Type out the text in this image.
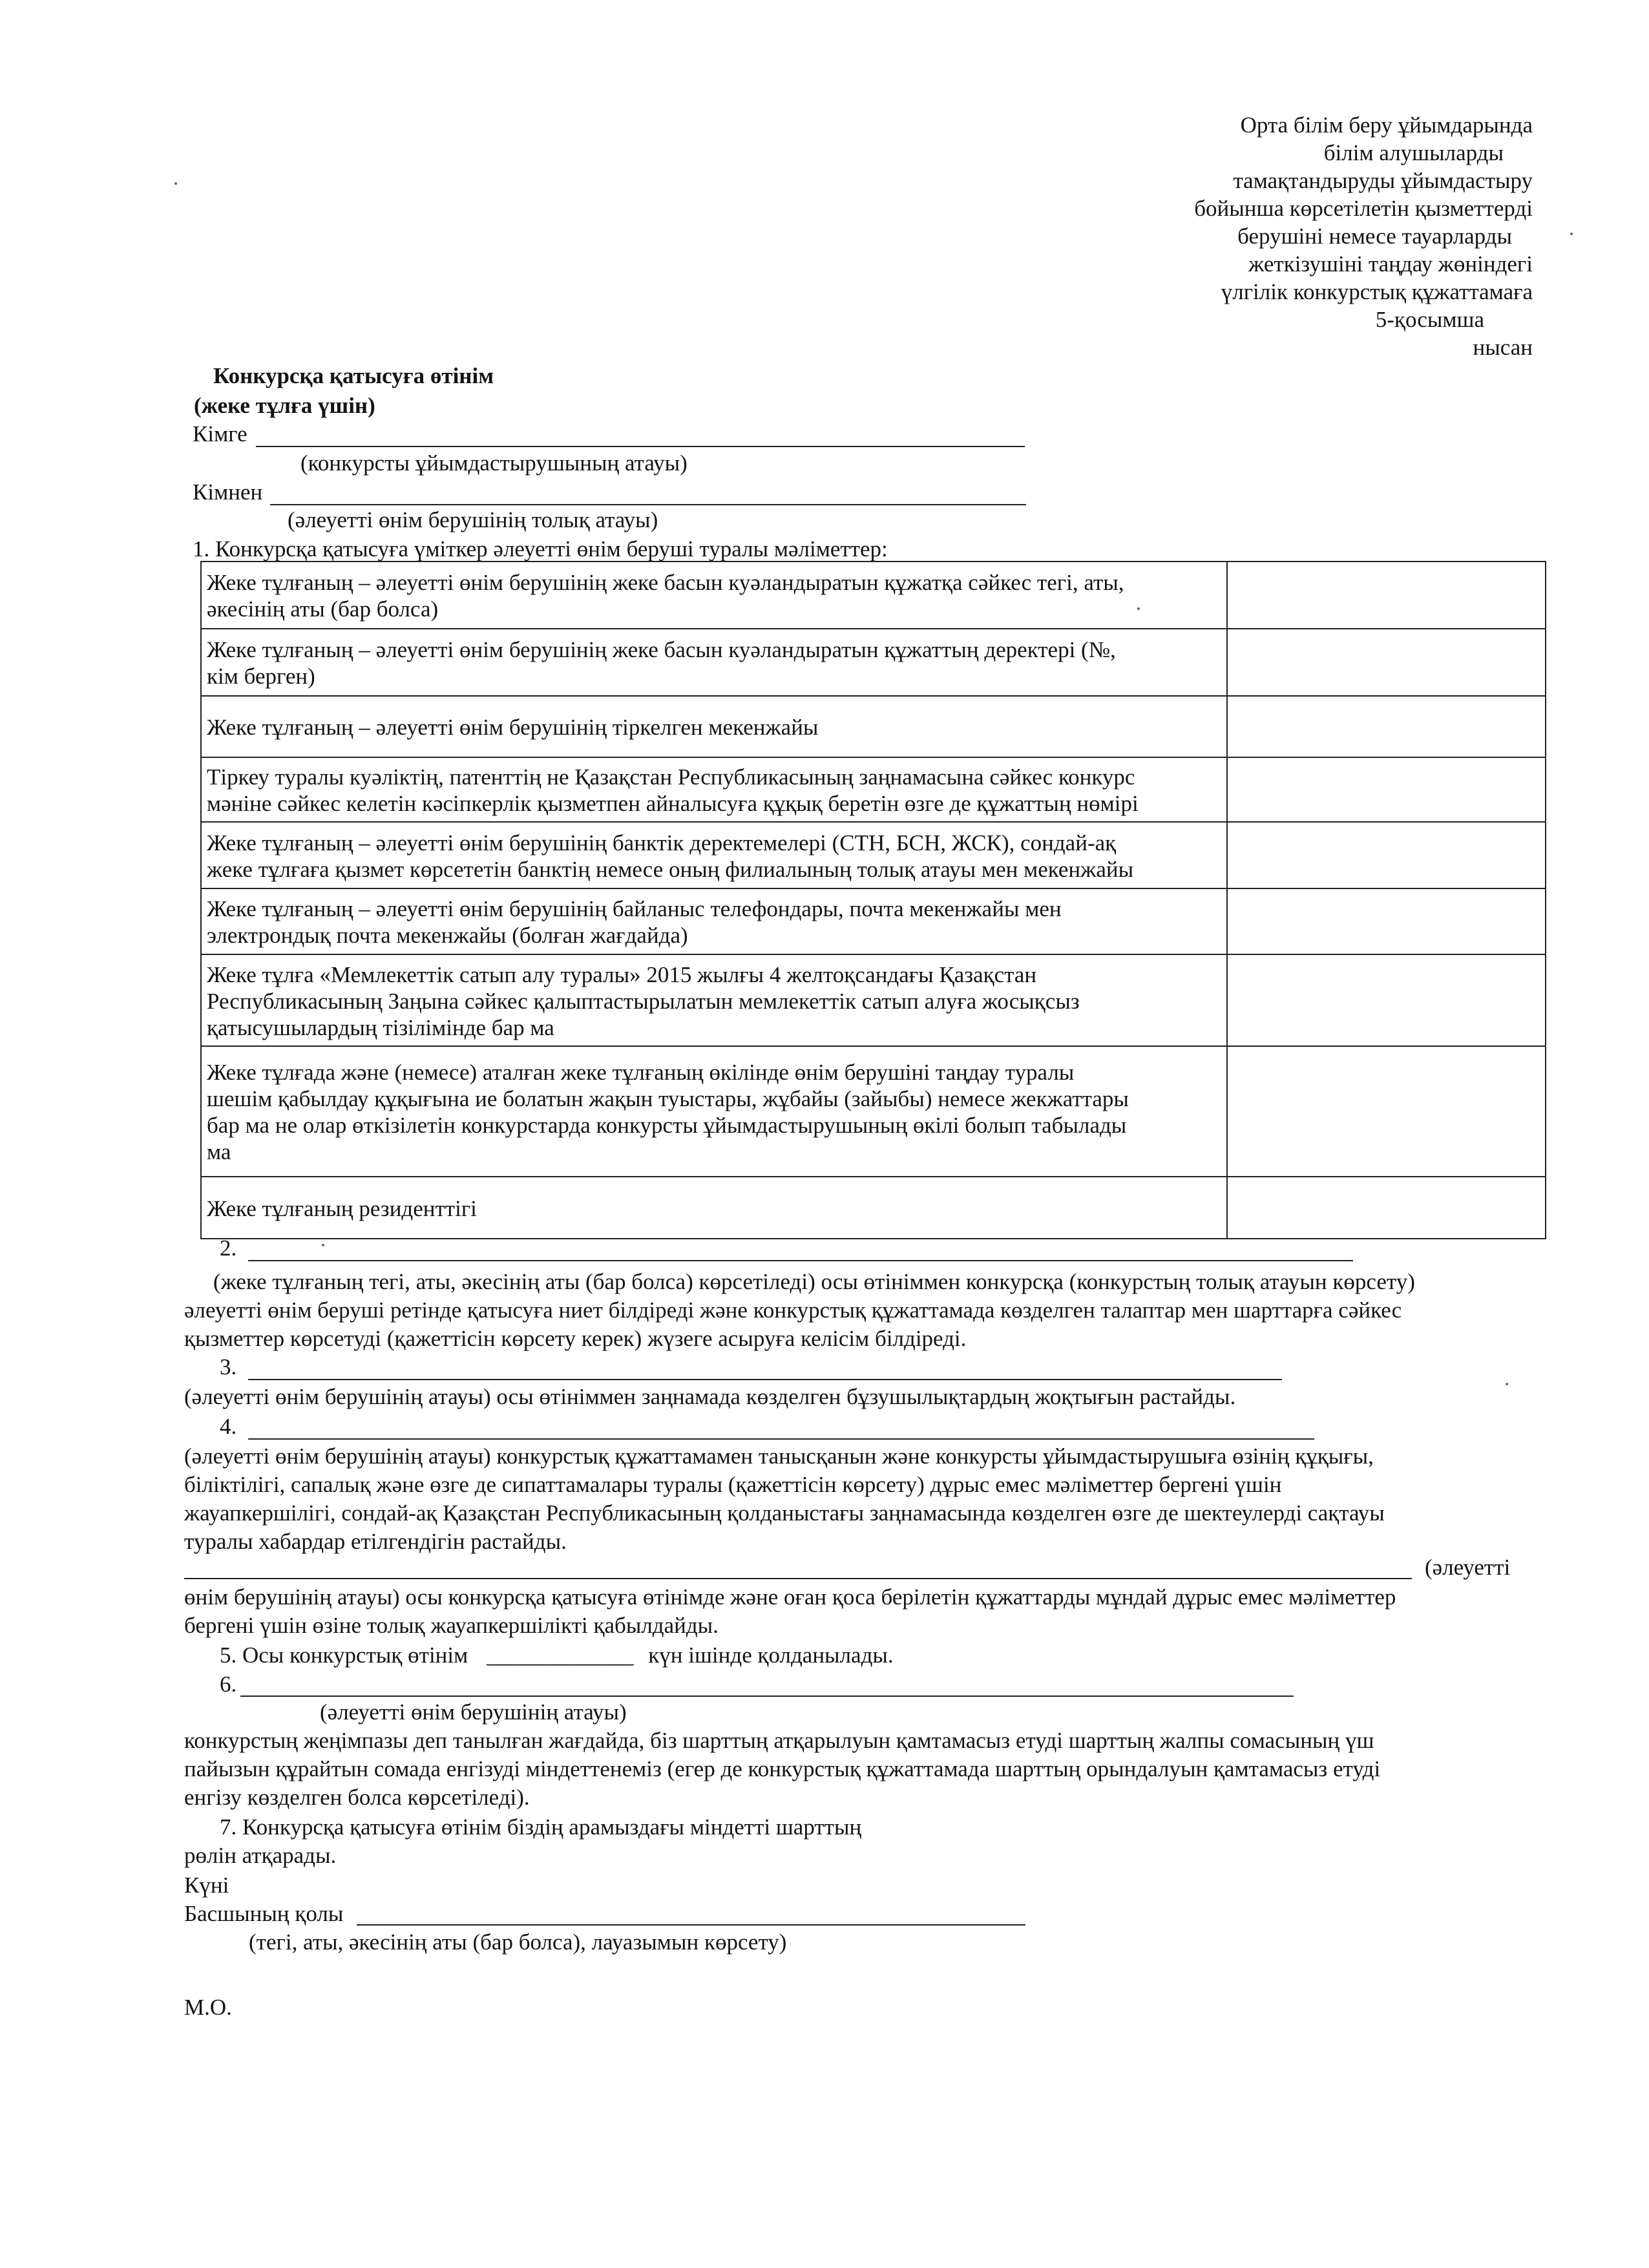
Орта білім беру ұйымдарында
білім алушыларды
тамақтандыруды ұйымдастыру
бойынша көрсетілетін қызметтерді
берушіні немесе тауарларды
жеткізушіні таңдау жөніндегі
үлгілік конкурстық құжаттамаға
5-қосымша
нысан
Конкурсқа қатысуға өтінім
(жеке тұлға үшін)
Кімге
(конкурсты ұйымдастырушының атауы)
Кімнен
(әлеуетті өнім берушінің толық атауы)
1. Конкурсқа қатысуға үміткер әлеуетті өнім беруші туралы мәліметтер:
Жеке тұлғаның – әлеуетті өнім берушінің жеке басын куәландыратын құжатқа сәйкес тегі, аты,
әкесінің аты (бар болса)	

Жеке тұлғаның – әлеуетті өнім берушінің жеке басын куәландыратын құжаттың деректері (№,
кім берген)	

Жеке тұлғаның – әлеуетті өнім берушінің тіркелген мекенжайы	

Тіркеу туралы куәліктің, патенттің не Қазақстан Республикасының заңнамасына сәйкес конкурс
мәніне сәйкес келетін кәсіпкерлік қызметпен айналысуға құқық беретін өзге де құжаттың нөмірі	

Жеке тұлғаның – әлеуетті өнім берушінің банктік деректемелері (СТН, БСН, ЖСК), сондай-ақ
жеке тұлғаға қызмет көрсететін банктің немесе оның филиалының толық атауы мен мекенжайы	

Жеке тұлғаның – әлеуетті өнім берушінің байланыс телефондары, почта мекенжайы мен
электрондық почта мекенжайы (болған жағдайда)	

Жеке тұлға «Мемлекеттік сатып алу туралы» 2015 жылғы 4 желтоқсандағы Қазақстан
Республикасының Заңына сәйкес қалыптастырылатын мемлекеттік сатып алуға жосықсыз
қатысушылардың тізілімінде бар ма	

Жеке тұлғада және (немесе) аталған жеке тұлғаның өкілінде өнім берушіні таңдау туралы
шешім қабылдау құқығына ие болатын жақын туыстары, жұбайы (зайыбы) немесе жекжаттары
бар ма не олар өткізілетін конкурстарда конкурсты ұйымдастырушының өкілі болып табылады
ма	

Жеке тұлғаның резиденттігі	

2.
(жеке тұлғаның тегі, аты, әкесінің аты (бар болса) көрсетіледі) осы өтініммен конкурсқа (конкурстың толық атауын көрсету)
әлеуетті өнім беруші ретінде қатысуға ниет білдіреді және конкурстық құжаттамада көзделген талаптар мен шарттарға сәйкес
қызметтер көрсетуді (қажеттісін көрсету керек) жүзеге асыруға келісім білдіреді.
3.
(әлеуетті өнім берушінің атауы) осы өтініммен заңнамада көзделген бұзушылықтардың жоқтығын растайды.
4.
(әлеуетті өнім берушінің атауы) конкурстық құжаттамамен танысқанын және конкурсты ұйымдастырушыға өзінің құқығы,
біліктілігі, сапалық және өзге де сипаттамалары туралы (қажеттісін көрсету) дұрыс емес мәліметтер бергені үшін
жауапкершілігі, сондай-ақ Қазақстан Республикасының қолданыстағы заңнамасында көзделген өзге де шектеулерді сақтауы
туралы хабардар етілгендігін растайды.
(әлеуетті
өнім берушінің атауы) осы конкурсқа қатысуға өтінімде және оған қоса берілетін құжаттарды мұндай дұрыс емес мәліметтер
бергені үшін өзіне толық жауапкершілікті қабылдайды.
5. Осы конкурстық өтінім _____________ күн ішінде қолданылады.
6.
(әлеуетті өнім берушінің атауы)
конкурстың жеңімпазы деп танылған жағдайда, біз шарттың атқарылуын қамтамасыз етуді шарттың жалпы сомасының үш
пайызын құрайтын сомада енгізуді міндеттенеміз (егер де конкурстық құжаттамада шарттың орындалуын қамтамасыз етуді
енгізу көзделген болса көрсетіледі).
7. Конкурсқа қатысуға өтінім біздің арамыздағы міндетті шарттың
рөлін атқарады.
Күні
Басшының қолы
(тегі, аты, әкесінің аты (бар болса), лауазымын көрсету)
М.О.
